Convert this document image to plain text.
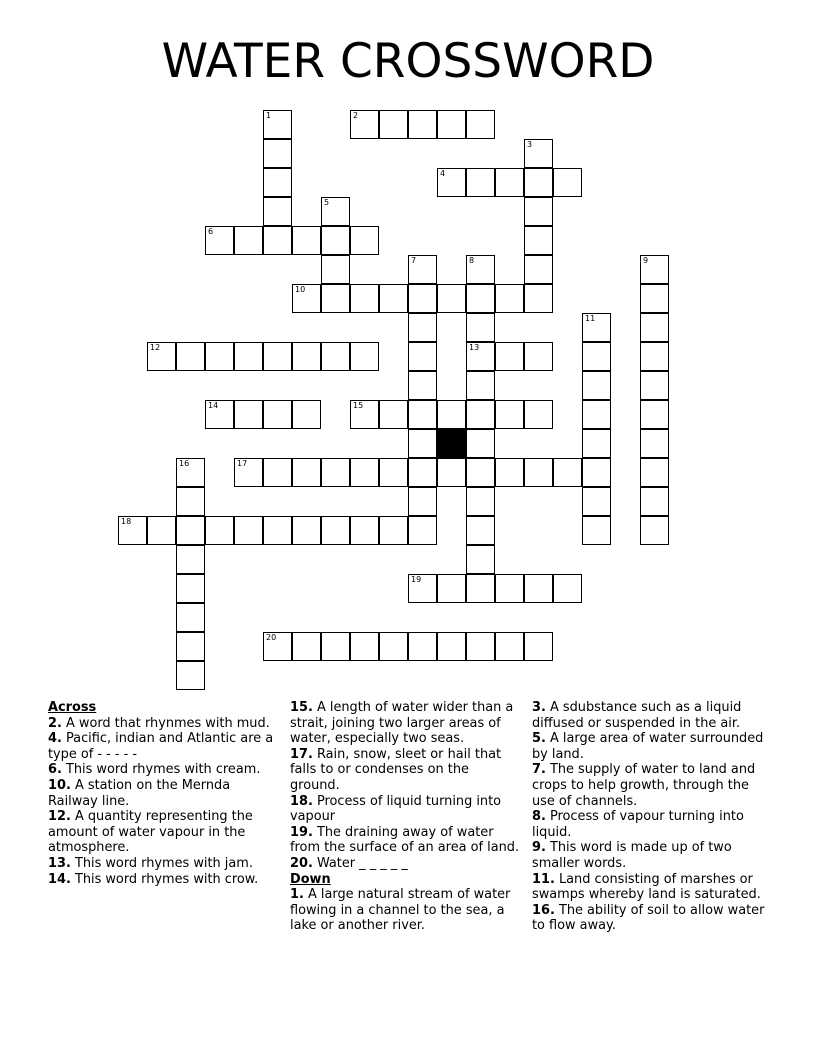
WATER CROSSWORD
1	2
3
4
5
6
7	8
13
9
10
11
12
14	15
16	17
18
19
20

Across

2. A word that rhynmes with mud.

4. Pacific, indian and Atlantic are a type of - - - - -

6. This word rhymes with cream.

10. A station on the Mernda Railway line.

12. A quantity representing the amount of water vapour in the atmosphere.

13. This word rhymes with jam.

14. This word rhymes with crow.

15. A length of water wider than a strait, joining two larger areas of water, especially two seas.

17. Rain, snow, sleet or hail that falls to or condenses on the ground.

18. Process of liquid turning into vapour

19. The draining away of water from the surface of an area of land.

20. Water _ _ _ _ _

Down

1. A large natural stream of water flowing in a channel to the sea, a lake or another river.

3. A sdubstance such as a liquid diffused or suspended in the air.

5. A large area of water surrounded by land.

7. The supply of water to land and crops to help growth, through the use of channels.

8. Process of vapour turning into liquid.

9. This word is made up of two smaller words.

11. Land consisting of marshes or swamps whereby land is saturated.

16. The ability of soil to allow water to flow away.
